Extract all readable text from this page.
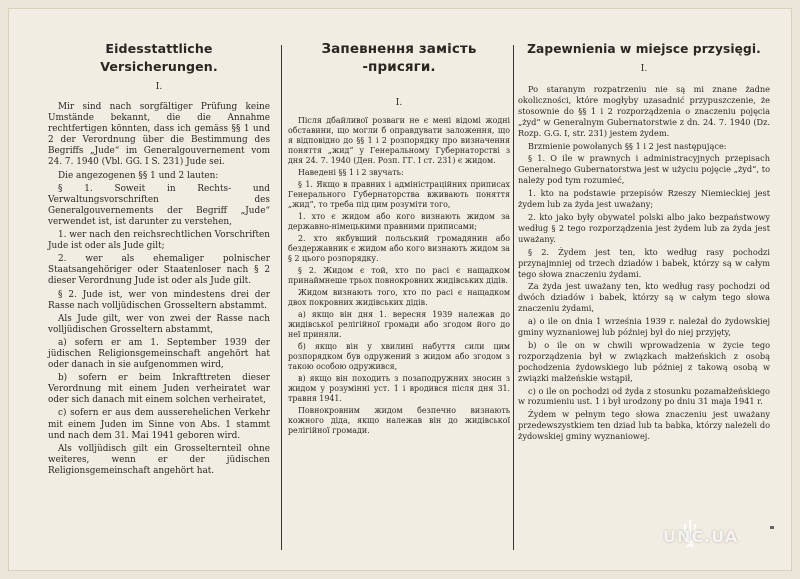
Eidesstattliche Versicherungen.
I.

Mir sind nach sorgfältiger Prüfung keine Umstände bekannt, die die Annahme rechtfertigen könnten, dass ich gemäss §§ 1 und 2 der Verordnung über die Bestimmung des Begriffs „Jude“ im Generalgouvernement vom 24. 7. 1940 (Vbl. GG. I S. 231) Jude sei.

Die angezogenen §§ 1 und 2 lauten:

§ 1. Soweit in Rechts- und Verwaltungsvorschriften des Generalgouvernements der Begriff „Jude“ verwendet ist, ist darunter zu verstehen,

1. wer nach den reichsrechtlichen Vorschriften Jude ist oder als Jude gilt;

2. wer als ehemaliger polnischer Staatsangehöriger oder Staatenloser nach § 2 dieser Verordnung Jude ist oder als Jude gilt.

§ 2. Jude ist, wer von mindestens drei der Rasse nach volljüdischen Grosseltern abstammt.

Als Jude gilt, wer von zwei der Rasse nach volljüdischen Grosseltern abstammt,

a) sofern er am 1. September 1939 der jüdischen Religionsgemeinschaft angehört hat oder danach in sie aufgenommen wird,

b) sofern er beim Inkrafttreten dieser Verordnung mit einem Juden verheiratet war oder sich danach mit einem solchen verheiratet,

c) sofern er aus dem ausserehelichen Verkehr mit einem Juden im Sinne von Abs. 1 stammt und nach dem 31. Mai 1941 geboren wird.

Als volljüdisch gilt ein Grosselternteil ohne weiteres, wenn er der jüdischen Religionsgemeinschaft angehört hat.

Запевнення замість
-присяги.
I.

Після дбайливої розваги не є мені відомі жодні обставини, що могли б оправдувати заложення, що я відповідно до §§ 1 і 2 розпорядку про визначення поняття „жид“ у Генеральному Губернаторстві з дня 24. 7. 1940 (Ден. Розп. ГГ. I ст. 231) є жидом.

Наведені §§ 1 і 2 звучать:

§ 1. Якщо в правних і адміністраційних приписах Генерального Губернаторства вживають поняття „жид“, то треба під цим розуміти того,

1. хто є жидом або кого визнають жидом за державно-німецькими правними приписами;

2. хто якбувший польський громадянин або бездержавник є жидом або кого визнають жидом за § 2 цього розпорядку.

§ 2. Жидом є той, хто по расі є нащадком принаймнеше трьох повнокровних жидівських дідів.

Жидом визнають того, хто по расі є нащадком двох покровних жидівських дідів.

а) якщо він дня 1. вересня 1939 належав до жидівської релігійної громади або згодом його до неї приняли.

б) якщо він у хвилині набуття сили цим розпорядком був одружений з жидом або згодом з такою особою одружився,

в) якщо він походить з позаподружних зносин з жидом у розумінні уст. 1 і вродився після дня 31. травня 1941.

Повнокровним жидом безпечно визнають кожного діда, якщо належав він до жидівської релігійної громади.

Zapewnienia w miejsce przysięgi.
I.

Po staranym rozpatrzeniu nie są mi znane żadne okoliczności, które mogłyby uzasadnić przypuszczenie, że stosownie do §§ 1 i 2 rozporządzenia o znaczeniu pojęcia „żyd“ w Generalnym Gubernatorstwie z dn. 24. 7. 1940 (Dz. Rozp. G.G. I, str. 231) jestem żydem.

Brzmienie powołanych §§ 1 i 2 jest następujące:

§ 1. O ile w prawnych i administracyjnych przepisach Generalnego Gubernatorstwa jest w użyciu pojęcie „żyd“, to należy pod tym rozumieć,

1. kto na podstawie przepisów Rzeszy Niemieckiej jest żydem lub za żyda jest uważany;

2. kto jako były obywatel polski albo jako bezpaństwowy według § 2 tego rozporządzenia jest żydem lub za żyda jest uważany.

§ 2. Żydem jest ten, kto według rasy pochodzi przynajmniej od trzech dziadów i babek, którzy są w całym tego słowa znaczeniu żydami.

Za żyda jest uważany ten, kto według rasy pochodzi od dwóch dziadów i babek, którzy są w całym tego słowa znaczeniu żydami,

a) o ile on dnia 1 września 1939 r. należał do żydowskiej gminy wyznaniowej lub później był do niej przyjęty,

b) o ile on w chwili wprowadzenia w życie tego rozporządzenia był w związkach małżeńskich z osobą pochodzenia żydowskiego lub później z takową osobą w związki małżeńskie wstąpił,

c) o ile on pochodzi od żyda z stosunku pozamałżeńskiego w rozumieniu ust. 1 i był urodzony po dniu 31 maja 1941 r.

Żydem w pełnym tego słowa znaczeniu jest uważany przedewszystkiem ten dziad lub ta babka, którzy należeli do żydowskiej gminy wyznaniowej.

UNC.UA
